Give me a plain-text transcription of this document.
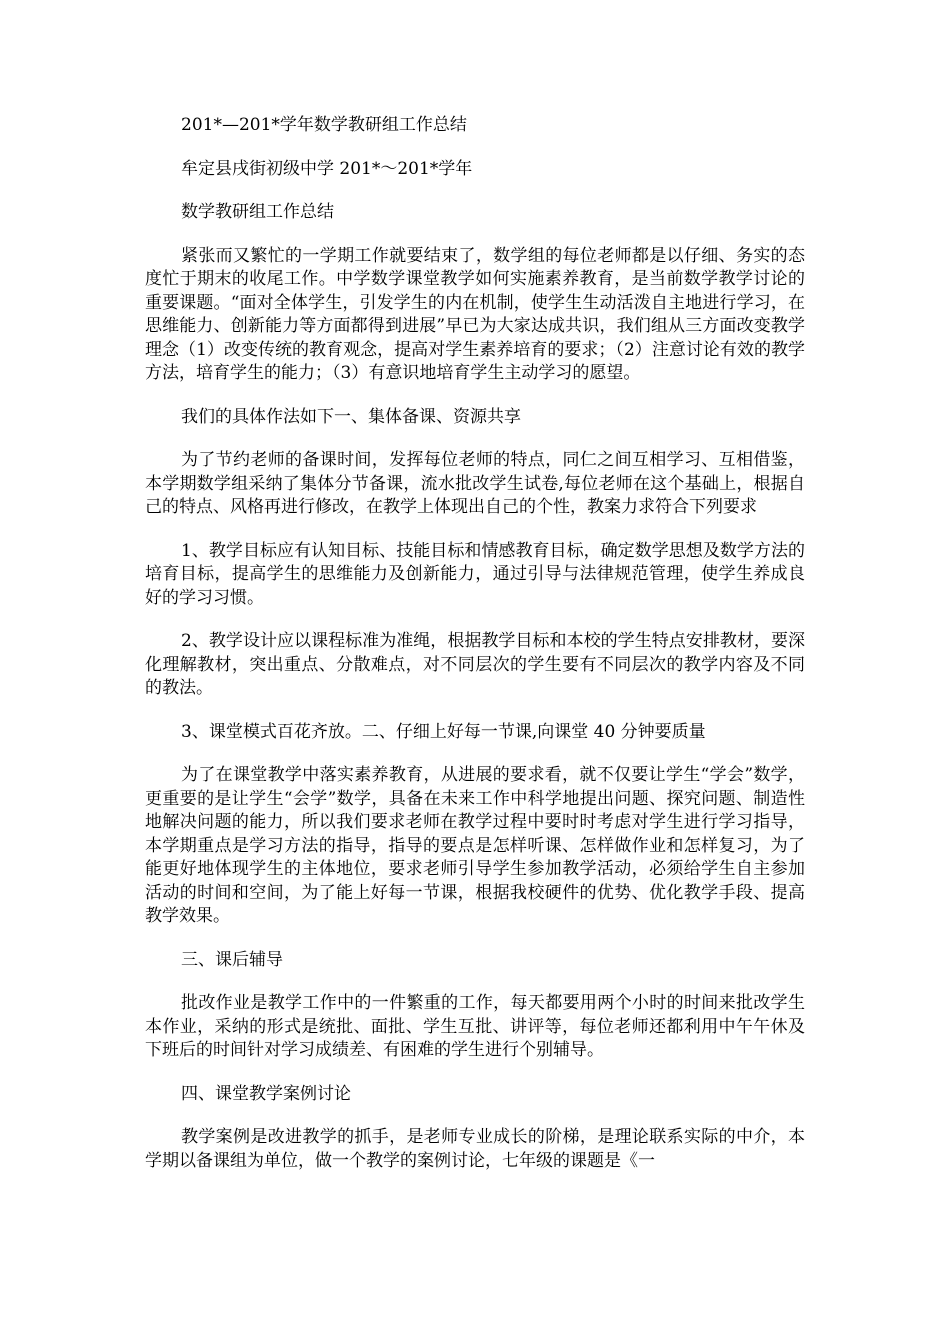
201*—201*学年数学教研组工作总结

牟定县戌街初级中学 201*～201*学年

数学教研组工作总结

紧张而又繁忙的一学期工作就要结束了，数学组的每位老师都是以仔细、务实的态度忙于期末的收尾工作。中学数学课堂教学如何实施素养教育，是当前数学教学讨论的重要课题。“面对全体学生，引发学生的内在机制，使学生生动活泼自主地进行学习，在思维能力、创新能力等方面都得到进展”早已为大家达成共识，我们组从三方面改变教学理念（1）改变传统的教育观念，提高对学生素养培育的要求；（2）注意讨论有效的教学方法，培育学生的能力；（3）有意识地培育学生主动学习的愿望。

我们的具体作法如下一、集体备课、资源共享

为了节约老师的备课时间，发挥每位老师的特点，同仁之间互相学习、互相借鉴，本学期数学组采纳了集体分节备课，流水批改学生试卷,每位老师在这个基础上，根据自己的特点、风格再进行修改，在教学上体现出自己的个性，教案力求符合下列要求

1、教学目标应有认知目标、技能目标和情感教育目标，确定数学思想及数学方法的培育目标，提高学生的思维能力及创新能力，通过引导与法律规范管理，使学生养成良好的学习习惯。

2、教学设计应以课程标准为准绳，根据教学目标和本校的学生特点安排教材，要深化理解教材，突出重点、分散难点，对不同层次的学生要有不同层次的教学内容及不同的教法。

3、课堂模式百花齐放。二、仔细上好每一节课,向课堂 40 分钟要质量

为了在课堂教学中落实素养教育，从进展的要求看，就不仅要让学生“学会”数学，更重要的是让学生“会学”数学，具备在未来工作中科学地提出问题、探究问题、制造性地解决问题的能力，所以我们要求老师在教学过程中要时时考虑对学生进行学习指导，本学期重点是学习方法的指导，指导的要点是怎样听课、怎样做作业和怎样复习，为了能更好地体现学生的主体地位，要求老师引导学生参加教学活动，必须给学生自主参加活动的时间和空间，为了能上好每一节课，根据我校硬件的优势、优化教学手段、提高教学效果。

三、课后辅导

批改作业是教学工作中的一件繁重的工作，每天都要用两个小时的时间来批改学生本作业，采纳的形式是统批、面批、学生互批、讲评等，每位老师还都利用中午午休及下班后的时间针对学习成绩差、有困难的学生进行个别辅导。

四、课堂教学案例讨论

教学案例是改进教学的抓手，是老师专业成长的阶梯，是理论联系实际的中介，本学期以备课组为单位，做一个教学的案例讨论，七年级的课题是《一
